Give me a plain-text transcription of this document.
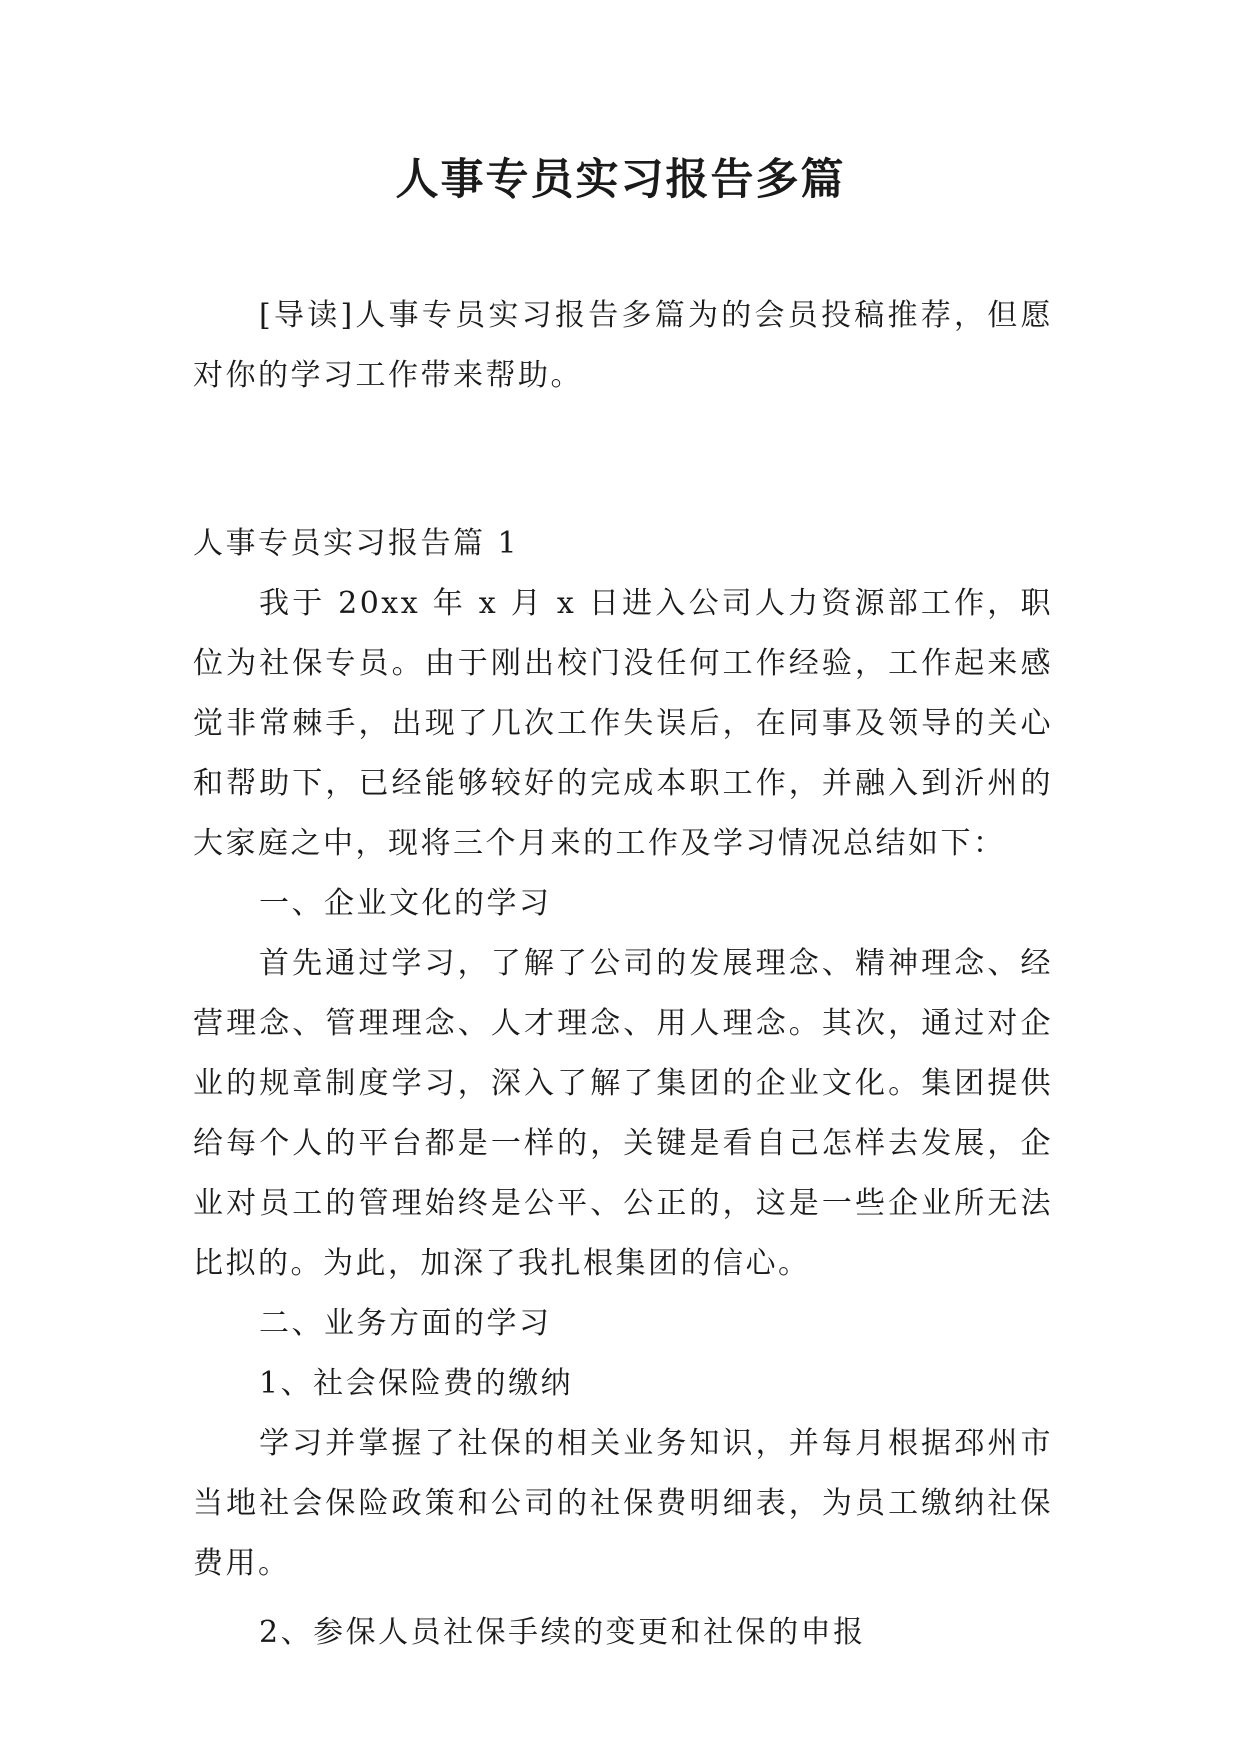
人事专员实习报告多篇

[导读]人事专员实习报告多篇为的会员投稿推荐，但愿对你的学习工作带来帮助。

人事专员实习报告篇 1

我于 20xx 年 x 月 x 日进入公司人力资源部工作，职位为社保专员。由于刚出校门没任何工作经验，工作起来感觉非常棘手，出现了几次工作失误后，在同事及领导的关心和帮助下，已经能够较好的完成本职工作，并融入到沂州的大家庭之中，现将三个月来的工作及学习情况总结如下：

一、企业文化的学习

首先通过学习，了解了公司的发展理念、精神理念、经营理念、管理理念、人才理念、用人理念。其次，通过对企业的规章制度学习，深入了解了集团的企业文化。集团提供给每个人的平台都是一样的，关键是看自己怎样去发展，企业对员工的管理始终是公平、公正的，这是一些企业所无法比拟的。为此，加深了我扎根集团的信心。

二、业务方面的学习

1、社会保险费的缴纳

学习并掌握了社保的相关业务知识，并每月根据邳州市当地社会保险政策和公司的社保费明细表，为员工缴纳社保费用。

2、参保人员社保手续的变更和社保的申报
